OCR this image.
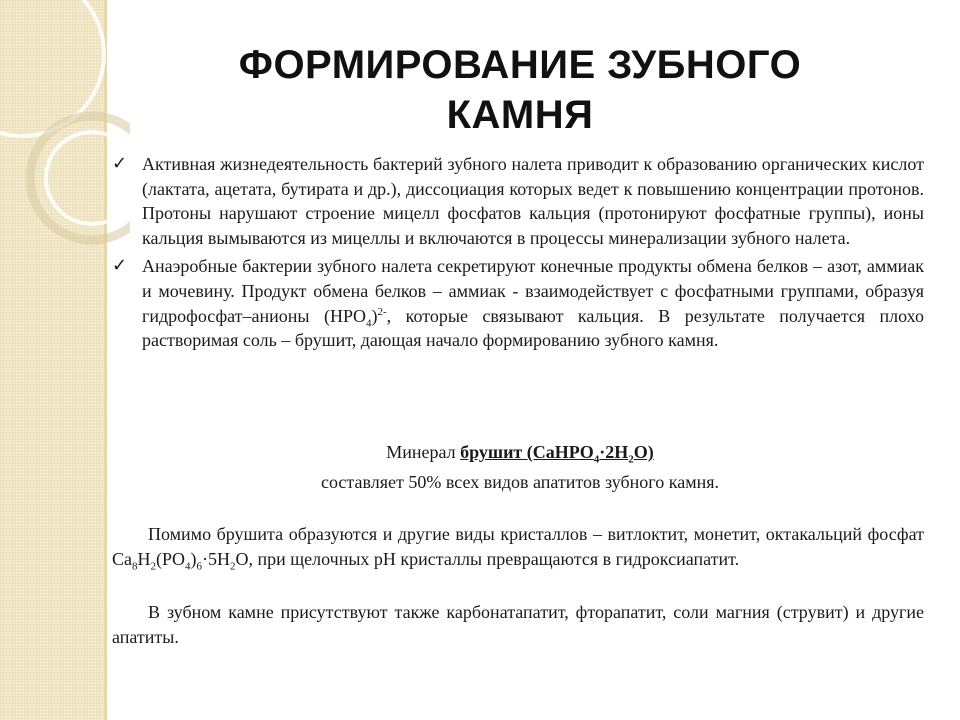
ФОРМИРОВАНИЕ ЗУБНОГО
КАМНЯ
✓ Активная жизнедеятельность бактерий зубного налета приводит к образованию органических кислот (лактата, ацетата, бутирата и др.), диссоциация которых ведет к повышению концентрации протонов. Протоны нарушают строение мицелл фосфатов кальция (протонируют фосфатные группы), ионы кальция вымываются из мицеллы и включаются в процессы минерализации зубного налета.
✓ Анаэробные бактерии зубного налета секретируют конечные продукты обмена белков – азот, аммиак и мочевину. Продукт обмена белков – аммиак - взаимодействует с фосфатными группами, образуя гидрофосфат–анионы $(HPO_4)^{2-}$, которые связывают кальция. В результате получается плохо растворимая соль – брушит, дающая начало формированию зубного камня.
Минерал брушит $(CaHPO_4\cdot 2H_2O)$
составляет 50% всех видов апатитов зубного камня.
Помимо брушита образуются и другие виды кристаллов – витлоктит, монетит, октакальций фосфат $Ca_8H_2(PO_4)_6\cdot 5H_2O$, при щелочных pH кристаллы превращаются в гидроксиапатит.
В зубном камне присутствуют также карбонатапатит, фторапатит, соли магния (струвит) и другие апатиты.
